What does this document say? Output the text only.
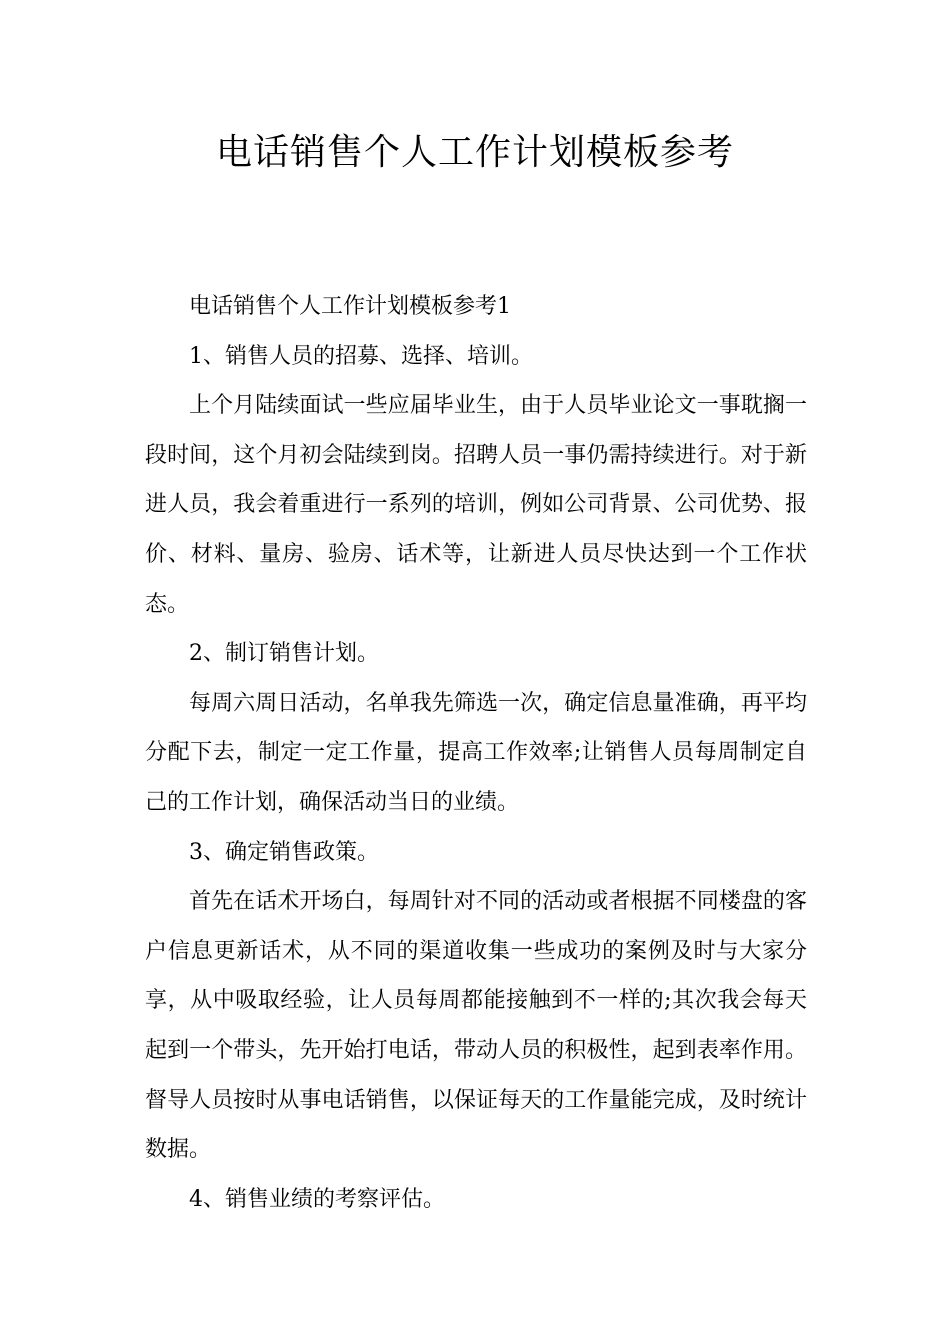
电话销售个人工作计划模板参考

电话销售个人工作计划模板参考1

1、销售人员的招募、选择、培训。

上个月陆续面试一些应届毕业生，由于人员毕业论文一事耽搁一段时间，这个月初会陆续到岗。招聘人员一事仍需持续进行。对于新进人员，我会着重进行一系列的培训，例如公司背景、公司优势、报价、材料、量房、验房、话术等，让新进人员尽快达到一个工作状态。

2、制订销售计划。

每周六周日活动，名单我先筛选一次，确定信息量准确，再平均分配下去，制定一定工作量，提高工作效率;让销售人员每周制定自己的工作计划，确保活动当日的业绩。

3、确定销售政策。

首先在话术开场白，每周针对不同的活动或者根据不同楼盘的客户信息更新话术，从不同的渠道收集一些成功的案例及时与大家分享，从中吸取经验，让人员每周都能接触到不一样的;其次我会每天起到一个带头，先开始打电话，带动人员的积极性，起到表率作用。督导人员按时从事电话销售，以保证每天的工作量能完成，及时统计数据。

4、销售业绩的考察评估。
